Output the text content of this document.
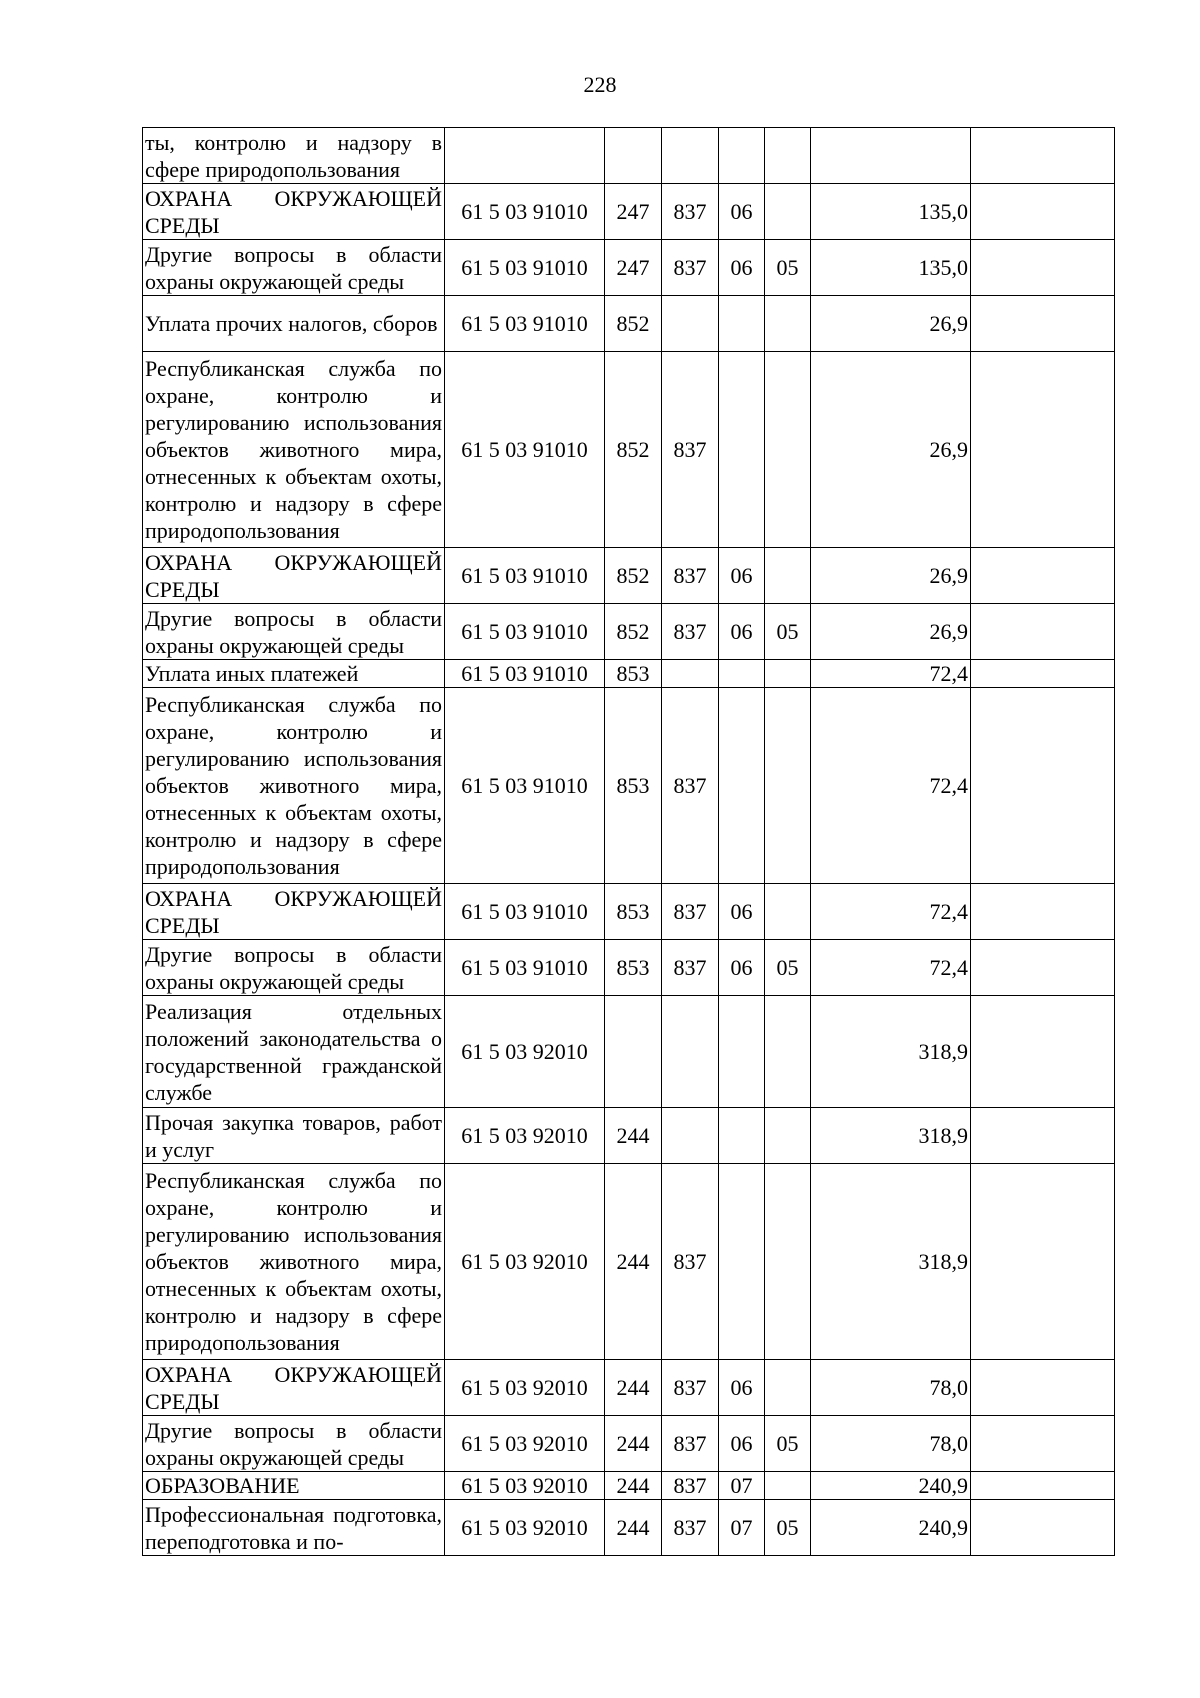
228
ты, контролю и надзору в сфере природопользования							
ОХРАНА ОКРУЖАЮЩЕЙ СРЕДЫ	61 5 03 91010	247	837	06		135,0	
Другие вопросы в области охраны окружающей среды	61 5 03 91010	247	837	06	05	135,0	
Уплата прочих налогов, сборов	61 5 03 91010	852				26,9	
Республиканская служба по охране, контролю и регулированию использования объектов животного мира, отнесенных к объектам охоты, контролю и надзору в сфере природопользования	61 5 03 91010	852	837			26,9	
ОХРАНА ОКРУЖАЮЩЕЙ СРЕДЫ	61 5 03 91010	852	837	06		26,9	
Другие вопросы в области охраны окружающей среды	61 5 03 91010	852	837	06	05	26,9	
Уплата иных платежей	61 5 03 91010	853				72,4	
Республиканская служба по охране, контролю и регулированию использования объектов животного мира, отнесенных к объектам охоты, контролю и надзору в сфере природопользования	61 5 03 91010	853	837			72,4	
ОХРАНА ОКРУЖАЮЩЕЙ СРЕДЫ	61 5 03 91010	853	837	06		72,4	
Другие вопросы в области охраны окружающей среды	61 5 03 91010	853	837	06	05	72,4	
Реализация отдельных положений законодательства о государственной гражданской службе	61 5 03 92010					318,9	
Прочая закупка товаров, работ и услуг	61 5 03 92010	244				318,9	
Республиканская служба по охране, контролю и регулированию использования объектов животного мира, отнесенных к объектам охоты, контролю и надзору в сфере природопользования	61 5 03 92010	244	837			318,9	
ОХРАНА ОКРУЖАЮЩЕЙ СРЕДЫ	61 5 03 92010	244	837	06		78,0	
Другие вопросы в области охраны окружающей среды	61 5 03 92010	244	837	06	05	78,0	
ОБРАЗОВАНИЕ	61 5 03 92010	244	837	07		240,9	
Профессиональная подготовка, переподготовка и по-	61 5 03 92010	244	837	07	05	240,9	
